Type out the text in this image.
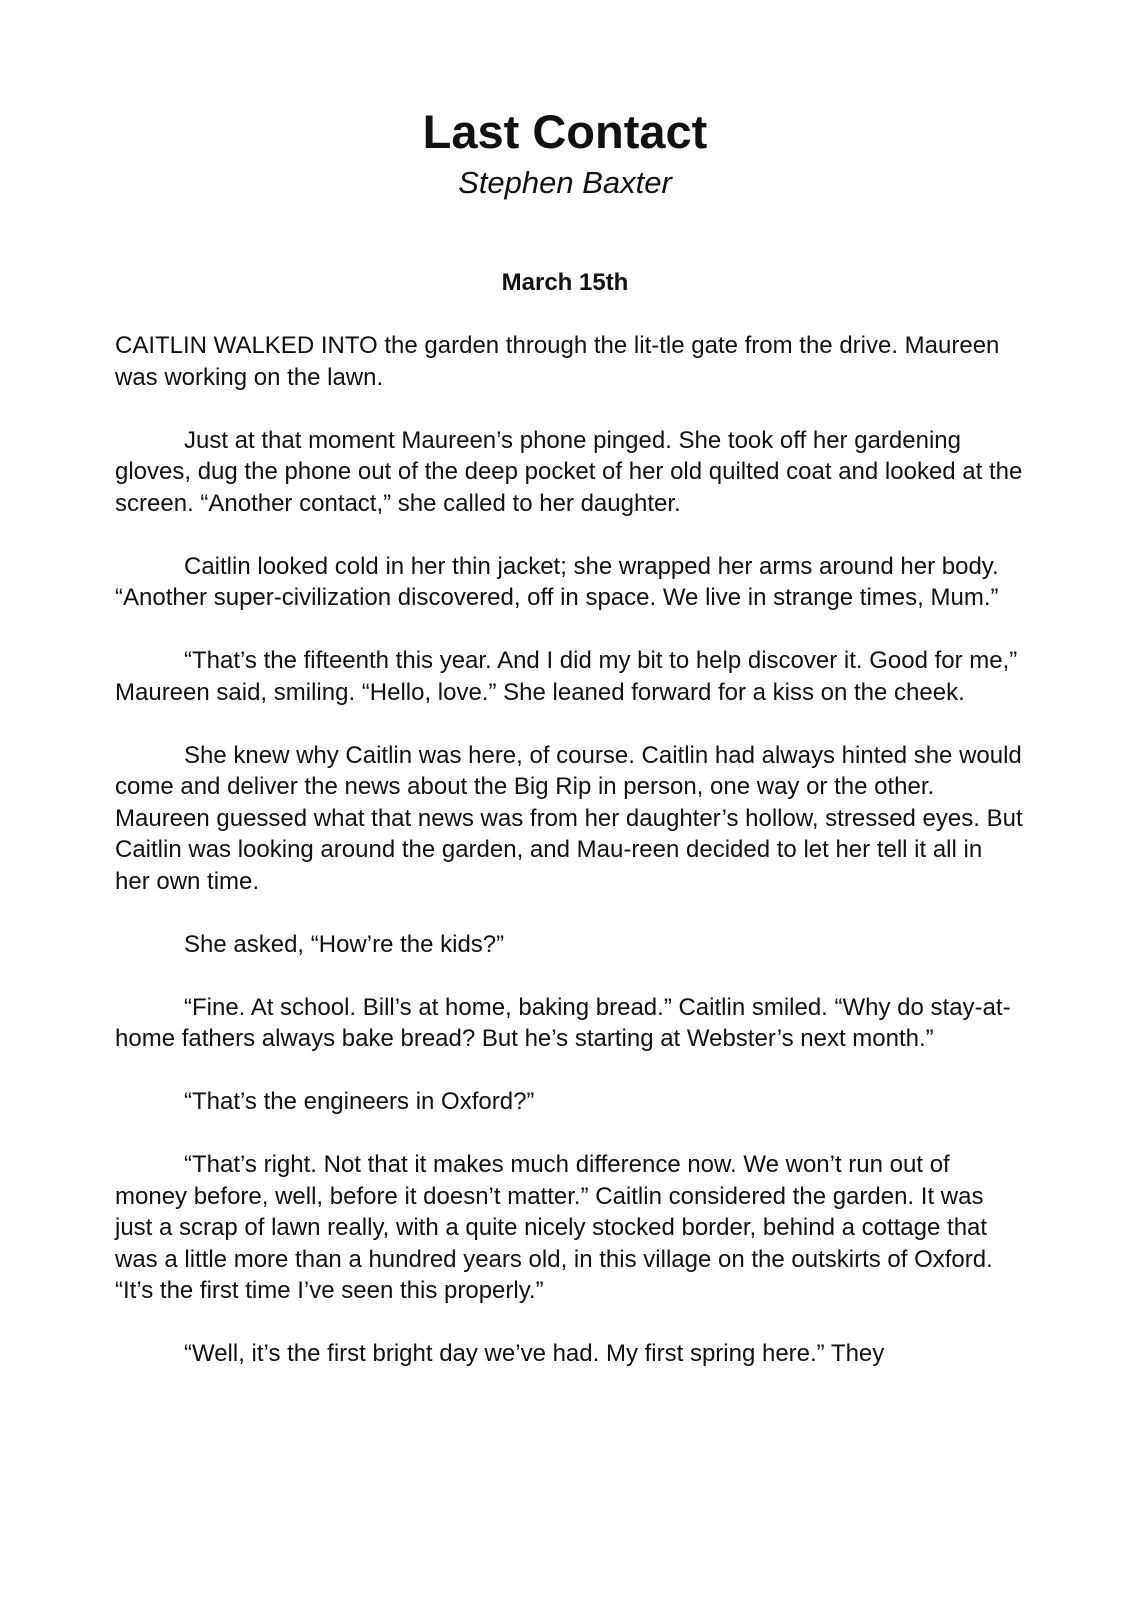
Last Contact
Stephen Baxter
March 15th

CAITLIN WALKED INTO the garden through the lit-tle gate from the drive. Maureen was working on the lawn.

Just at that moment Maureen’s phone pinged. She took off her gardening gloves, dug the phone out of the deep pocket of her old quilted coat and looked at the screen. “Another contact,” she called to her daughter.

Caitlin looked cold in her thin jacket; she wrapped her arms around her body. “Another super-civilization discovered, off in space. We live in strange times, Mum.”

“That’s the fifteenth this year. And I did my bit to help discover it. Good for me,” Maureen said, smiling. “Hello, love.” She leaned forward for a kiss on the cheek.

She knew why Caitlin was here, of course. Caitlin had always hinted she would come and deliver the news about the Big Rip in person, one way or the other. Maureen guessed what that news was from her daughter’s hollow, stressed eyes. But Caitlin was looking around the garden, and Mau-reen decided to let her tell it all in her own time.

She asked, “How’re the kids?”

“Fine. At school. Bill’s at home, baking bread.” Caitlin smiled. “Why do stay-at-home fathers always bake bread? But he’s starting at Webster’s next month.”

“That’s the engineers in Oxford?”

“That’s right. Not that it makes much difference now. We won’t run out of money before, well, before it doesn’t matter.” Caitlin considered the garden. It was just a scrap of lawn really, with a quite nicely stocked border, behind a cottage that was a little more than a hundred years old, in this village on the outskirts of Oxford. “It’s the first time I’ve seen this properly.”

“Well, it’s the first bright day we’ve had. My first spring here.” They
